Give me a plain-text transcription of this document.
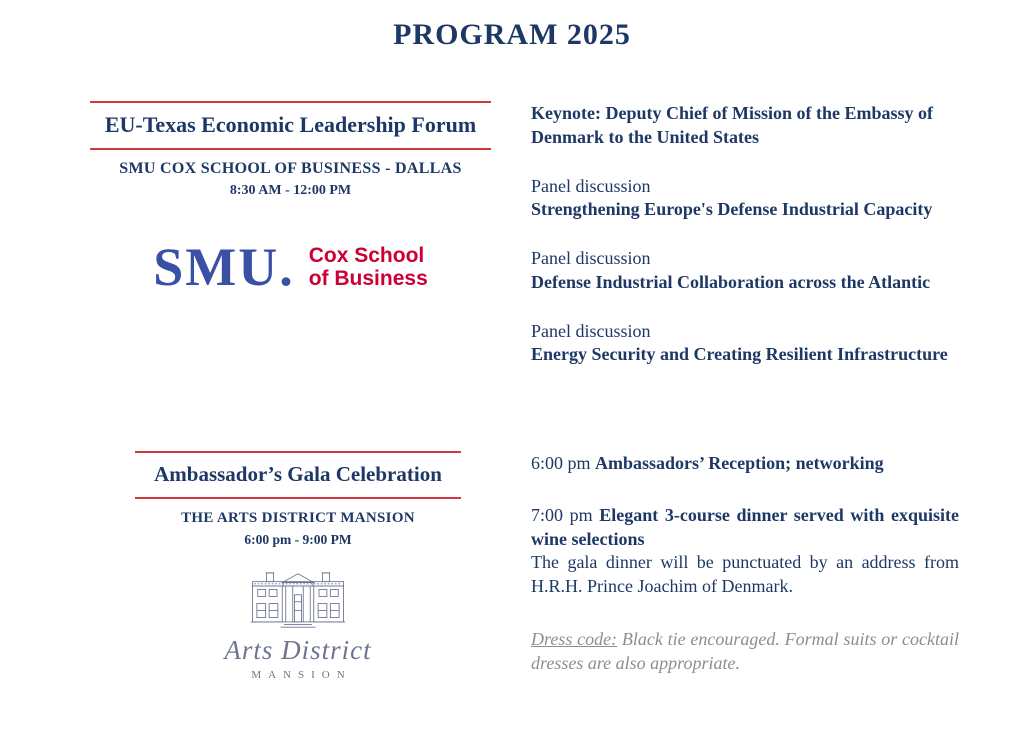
PROGRAM 2025
EU-Texas Economic Leadership Forum
SMU COX SCHOOL OF BUSINESS - DALLAS
8:30 AM - 12:00 PM
SMU. Cox School
of Business
Keynote: Deputy Chief of Mission of the Embassy of Denmark to the United States
Panel discussion
Strengthening Europe's Defense Industrial Capacity
Panel discussion
Defense Industrial Collaboration across the Atlantic
Panel discussion
Energy Security and Creating Resilient Infrastructure
Ambassador’s Gala Celebration
THE ARTS DISTRICT MANSION
6:00 pm - 9:00 PM
Arts District
MANSION

6:00 pm Ambassadors’ Reception; networking

7:00 pm Elegant 3-course dinner served with exquisite wine selections
The gala dinner will be punctuated by an address from H.R.H. Prince Joachim of Denmark.

Dress code: Black tie encouraged. Formal suits or cocktail dresses are also appropriate.
